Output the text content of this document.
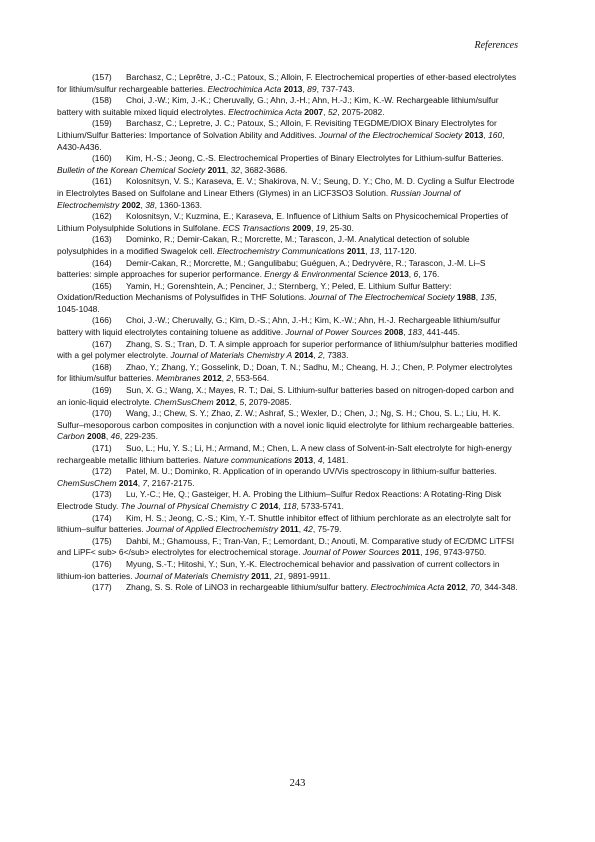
References

(157) Barchasz, C.; Leprêtre, J.-C.; Patoux, S.; Alloin, F. Electrochemical properties of ether-based electrolytes for lithium/sulfur rechargeable batteries. Electrochimica Acta 2013, 89, 737-743.

(158) Choi, J.-W.; Kim, J.-K.; Cheruvally, G.; Ahn, J.-H.; Ahn, H.-J.; Kim, K.-W. Rechargeable lithium/sulfur battery with suitable mixed liquid electrolytes. Electrochimica Acta 2007, 52, 2075-2082.

(159) Barchasz, C.; Lepretre, J. C.; Patoux, S.; Alloin, F. Revisiting TEGDME/DIOX Binary Electrolytes for Lithium/Sulfur Batteries: Importance of Solvation Ability and Additives. Journal of the Electrochemical Society 2013, 160, A430-A436.

(160) Kim, H.-S.; Jeong, C.-S. Electrochemical Properties of Binary Electrolytes for Lithium-sulfur Batteries. Bulletin of the Korean Chemical Society 2011, 32, 3682-3686.

(161) Kolosnitsyn, V. S.; Karaseva, E. V.; Shakirova, N. V.; Seung, D. Y.; Cho, M. D. Cycling a Sulfur Electrode in Electrolytes Based on Sulfolane and Linear Ethers (Glymes) in an LiCF3SO3 Solution. Russian Journal of Electrochemistry 2002, 38, 1360-1363.

(162) Kolosnitsyn, V.; Kuzmina, E.; Karaseva, E. Influence of Lithium Salts on Physicochemical Properties of Lithium Polysulphide Solutions in Sulfolane. ECS Transactions 2009, 19, 25-30.

(163) Dominko, R.; Demir-Cakan, R.; Morcrette, M.; Tarascon, J.-M. Analytical detection of soluble polysulphides in a modified Swagelok cell. Electrochemistry Communications 2011, 13, 117-120.

(164) Demir-Cakan, R.; Morcrette, M.; Gangulibabu; Guéguen, A.; Dedryvère, R.; Tarascon, J.-M. Li–S batteries: simple approaches for superior performance. Energy & Environmental Science 2013, 6, 176.

(165) Yamin, H.; Gorenshtein, A.; Penciner, J.; Sternberg, Y.; Peled, E. Lithium Sulfur Battery: Oxidation/Reduction Mechanisms of Polysulfides in THF Solutions. Journal of The Electrochemical Society 1988, 135, 1045-1048.

(166) Choi, J.-W.; Cheruvally, G.; Kim, D.-S.; Ahn, J.-H.; Kim, K.-W.; Ahn, H.-J. Rechargeable lithium/sulfur battery with liquid electrolytes containing toluene as additive. Journal of Power Sources 2008, 183, 441-445.

(167) Zhang, S. S.; Tran, D. T. A simple approach for superior performance of lithium/sulphur batteries modified with a gel polymer electrolyte. Journal of Materials Chemistry A 2014, 2, 7383.

(168) Zhao, Y.; Zhang, Y.; Gosselink, D.; Doan, T. N.; Sadhu, M.; Cheang, H. J.; Chen, P. Polymer electrolytes for lithium/sulfur batteries. Membranes 2012, 2, 553-564.

(169) Sun, X. G.; Wang, X.; Mayes, R. T.; Dai, S. Lithium-sulfur batteries based on nitrogen-doped carbon and an ionic-liquid electrolyte. ChemSusChem 2012, 5, 2079-2085.

(170) Wang, J.; Chew, S. Y.; Zhao, Z. W.; Ashraf, S.; Wexler, D.; Chen, J.; Ng, S. H.; Chou, S. L.; Liu, H. K. Sulfur–mesoporous carbon composites in conjunction with a novel ionic liquid electrolyte for lithium rechargeable batteries. Carbon 2008, 46, 229-235.

(171) Suo, L.; Hu, Y. S.; Li, H.; Armand, M.; Chen, L. A new class of Solvent-in-Salt electrolyte for high-energy rechargeable metallic lithium batteries. Nature communications 2013, 4, 1481.

(172) Patel, M. U.; Dominko, R. Application of in operando UV/Vis spectroscopy in lithium-sulfur batteries. ChemSusChem 2014, 7, 2167-2175.

(173) Lu, Y.-C.; He, Q.; Gasteiger, H. A. Probing the Lithium–Sulfur Redox Reactions: A Rotating-Ring Disk Electrode Study. The Journal of Physical Chemistry C 2014, 118, 5733-5741.

(174) Kim, H. S.; Jeong, C.-S.; Kim, Y.-T. Shuttle inhibitor effect of lithium perchlorate as an electrolyte salt for lithium–sulfur batteries. Journal of Applied Electrochemistry 2011, 42, 75-79.

(175) Dahbi, M.; Ghamouss, F.; Tran-Van, F.; Lemordant, D.; Anouti, M. Comparative study of EC/DMC LiTFSI and LiPF< sub> 6</sub> electrolytes for electrochemical storage. Journal of Power Sources 2011, 196, 9743-9750.

(176) Myung, S.-T.; Hitoshi, Y.; Sun, Y.-K. Electrochemical behavior and passivation of current collectors in lithium-ion batteries. Journal of Materials Chemistry 2011, 21, 9891-9911.

(177) Zhang, S. S. Role of LiNO3 in rechargeable lithium/sulfur battery. Electrochimica Acta 2012, 70, 344-348.

243
